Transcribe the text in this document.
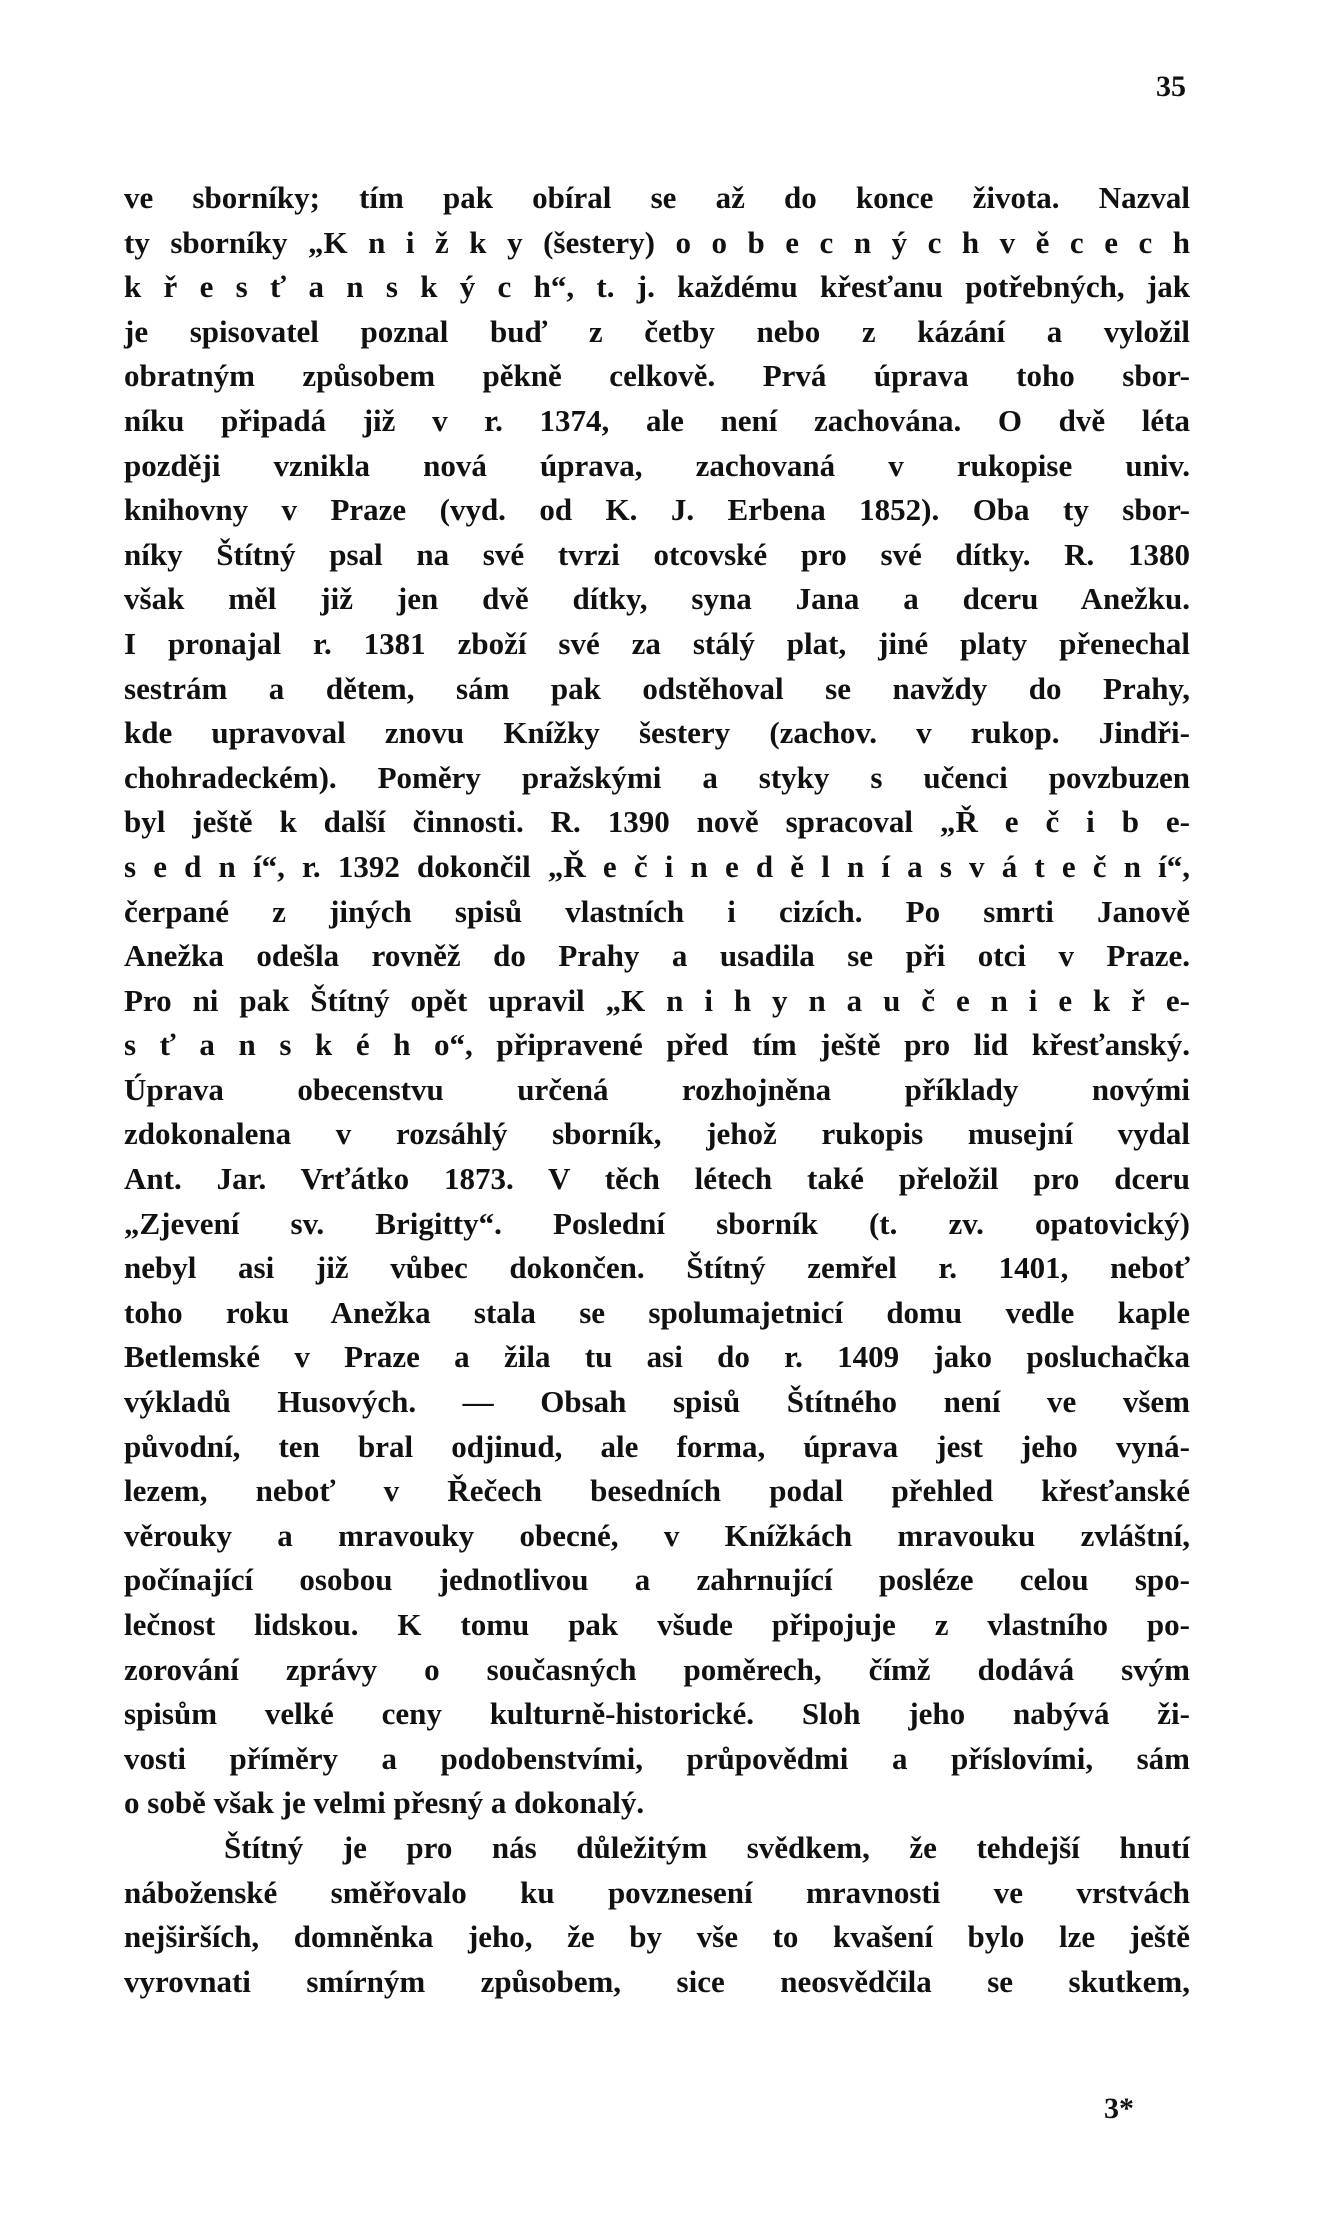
35
ve sborníky; tím pak obíral se až do konce života. Nazval
ty sborníky „K n i ž k y (šestery) o o b e c n ý c h v ě c e c h
k ř e s ť a n s k ý c h“, t. j. každému křesťanu potřebných, jak
je spisovatel poznal buď z četby nebo z kázání a vyložil
obratným způsobem pěkně celkově. Prvá úprava toho sbor-
níku připadá již v r. 1374, ale není zachována. O dvě léta
později vznikla nová úprava, zachovaná v rukopise univ.
knihovny v Praze (vyd. od K. J. Erbena 1852). Oba ty sbor-
níky Štítný psal na své tvrzi otcovské pro své dítky. R. 1380
však měl již jen dvě dítky, syna Jana a dceru Anežku.
I pronajal r. 1381 zboží své za stálý plat, jiné platy přenechal
sestrám a dětem, sám pak odstěhoval se navždy do Prahy,
kde upravoval znovu Knížky šestery (zachov. v rukop. Jindři-
chohradeckém). Poměry pražskými a styky s učenci povzbuzen
byl ještě k další činnosti. R. 1390 nově spracoval „Ř e č i b e-
s e d n í“, r. 1392 dokončil „Ř e č i n e d ě l n í a s v á t e č n í“,
čerpané z jiných spisů vlastních i cizích. Po smrti Janově
Anežka odešla rovněž do Prahy a usadila se při otci v Praze.
Pro ni pak Štítný opět upravil „K n i h y n a u č e n i e k ř e-
s ť a n s k é h o“, připravené před tím ještě pro lid křesťanský.
Úprava obecenstvu určená rozhojněna příklady novými
zdokonalena v rozsáhlý sborník, jehož rukopis musejní vydal
Ant. Jar. Vrťátko 1873. V těch létech také přeložil pro dceru
„Zjevení sv. Brigitty“. Poslední sborník (t. zv. opatovický)
nebyl asi již vůbec dokončen. Štítný zemřel r. 1401, neboť
toho roku Anežka stala se spolumajetnicí domu vedle kaple
Betlemské v Praze a žila tu asi do r. 1409 jako posluchačka
výkladů Husových. — Obsah spisů Štítného není ve všem
původní, ten bral odjinud, ale forma, úprava jest jeho vyná-
lezem, neboť v Řečech besedních podal přehled křesťanské
věrouky a mravouky obecné, v Knížkách mravouku zvláštní,
počínající osobou jednotlivou a zahrnující posléze celou spo-
lečnost lidskou. K tomu pak všude připojuje z vlastního po-
zorování zprávy o současných poměrech, čímž dodává svým
spisům velké ceny kulturně-historické. Sloh jeho nabývá ži-
vosti příměry a podobenstvími, průpovědmi a příslovími, sám
o sobě však je velmi přesný a dokonalý.
Štítný je pro nás důležitým svědkem, že tehdejší hnutí
náboženské směřovalo ku povznesení mravnosti ve vrstvách
nejširších, domněnka jeho, že by vše to kvašení bylo lze ještě
vyrovnati smírným způsobem, sice neosvědčila se skutkem,
3*
